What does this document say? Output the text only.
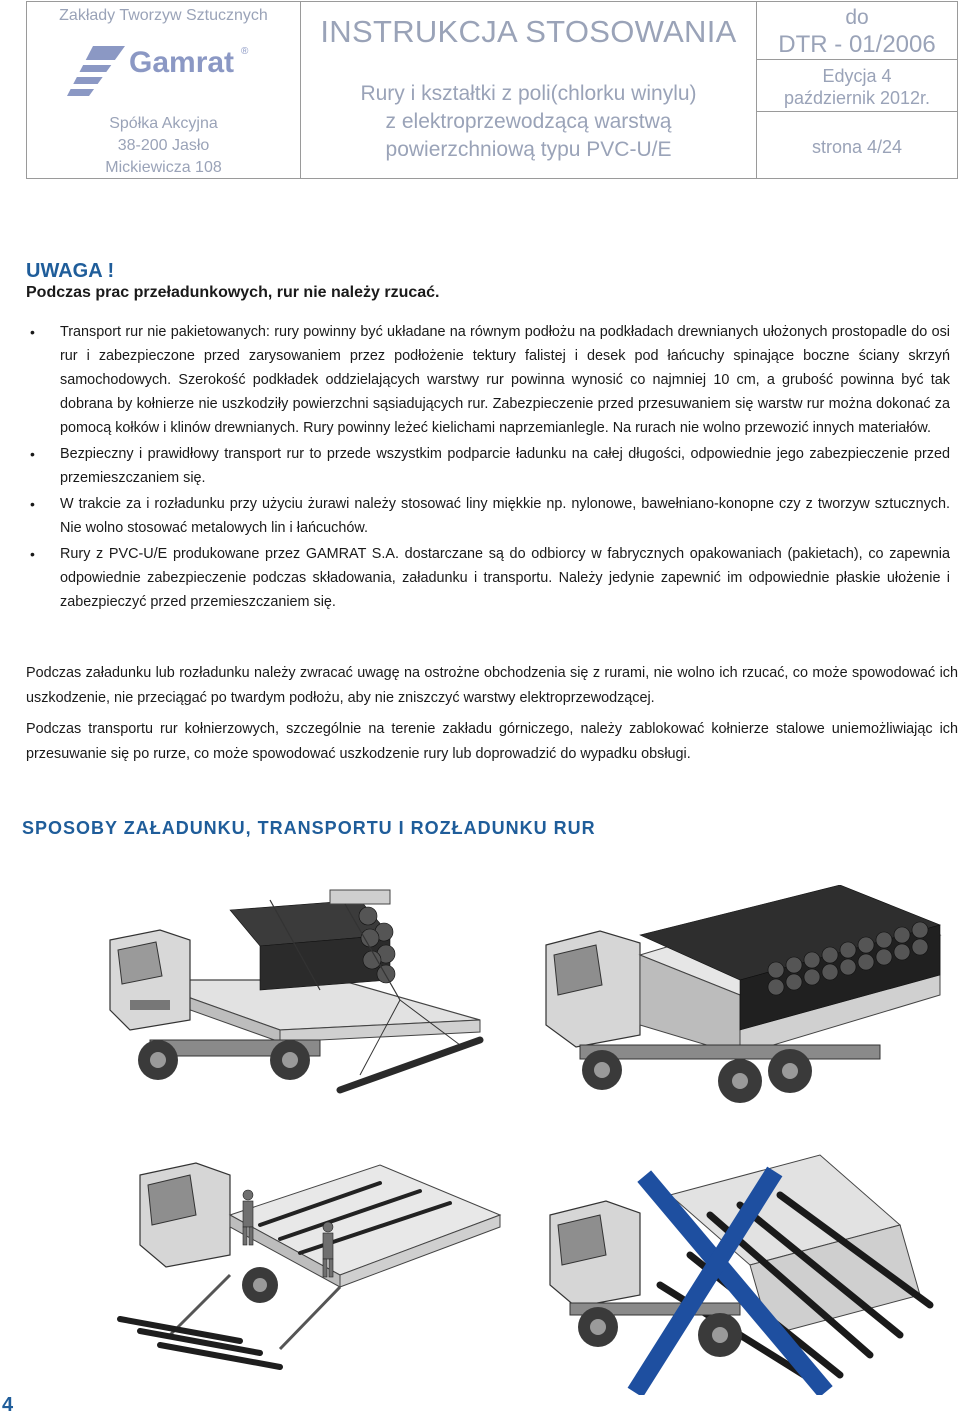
Zakłady Tworzyw Sztucznych
Gamrat ®
Spółka Akcyjna
38-200 Jasło
Mickiewicza 108
INSTRUKCJA STOSOWANIA
Rury i kształtki z poli(chlorku winylu)
z elektroprzewodzącą warstwą
powierzchniową typu PVC-U/E
do
DTR - 01/2006
Edycja 4
październik 2012r.
strona 4/24
UWAGA !
Podczas prac przeładunkowych, rur nie należy rzucać.
• Transport rur nie pakietowanych: rury powinny być układane na równym podłożu na podkładach drewnianych ułożonych prostopadle do osi rur i zabezpieczone przed zarysowaniem przez podłożenie tektury falistej i desek pod łańcuchy spinające boczne ściany skrzyń samochodowych. Szerokość podkładek oddzielających warstwy rur powinna wynosić co najmniej 10 cm, a grubość powinna być tak dobrana by kołnierze nie uszkodziły powierzchni sąsiadujących rur. Zabezpieczenie przed przesuwaniem się warstw rur można dokonać za pomocą kołków i klinów drewnianych. Rury powinny leżeć kielichami naprzemianlegle. Na rurach nie wolno przewozić innych materiałów.
• Bezpieczny i prawidłowy transport rur to przede wszystkim podparcie ładunku na całej długości, odpowiednie jego zabezpieczenie przed przemieszczaniem się.
• W trakcie za i rozładunku przy użyciu żurawi należy stosować liny miękkie np. nylonowe, bawełniano-konopne czy z tworzyw sztucznych. Nie wolno stosować metalowych lin i łańcuchów.
• Rury z PVC-U/E produkowane przez GAMRAT S.A. dostarczane są do odbiorcy w fabrycznych opakowaniach (pakietach), co zapewnia odpowiednie zabezpieczenie podczas składowania, załadunku i transportu. Należy jedynie zapewnić im odpowiednie płaskie ułożenie i zabezpieczyć przed przemieszczaniem się.
Podczas załadunku lub rozładunku należy zwracać uwagę na ostrożne obchodzenia się z rurami, nie wolno ich rzucać, co może spowodować ich uszkodzenie, nie przeciągać po twardym podłożu, aby nie zniszczyć warstwy elektroprzewodzącej.
Podczas transportu rur kołnierzowych, szczególnie na terenie zakładu górniczego, należy zablokować kołnierze stalowe uniemożliwiając ich przesuwanie się po rurze, co może spowodować uszkodzenie rury lub doprowadzić do wypadku obsługi.
SPOSOBY ZAŁADUNKU, TRANSPORTU I ROZŁADUNKU RUR
4
